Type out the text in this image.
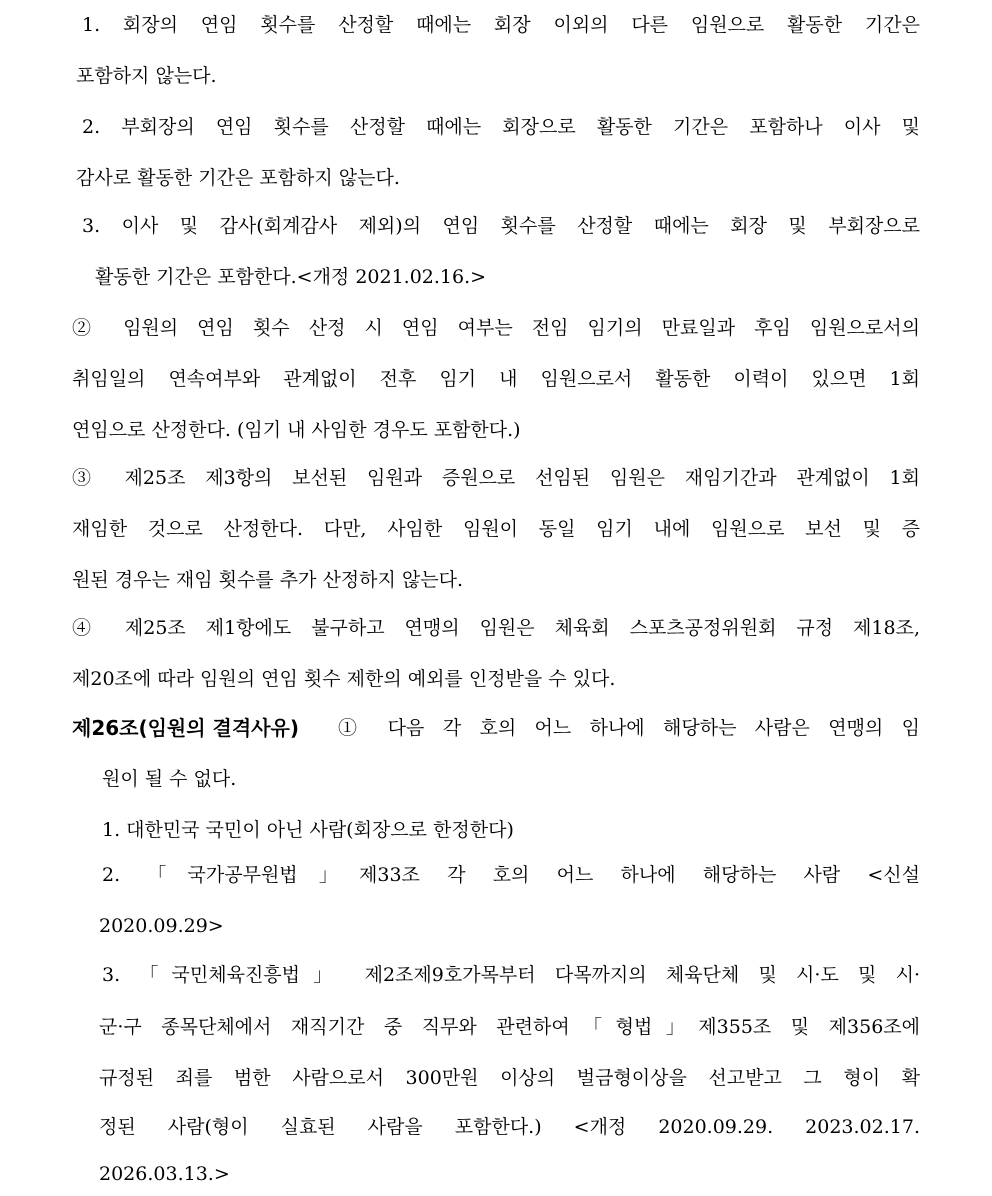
1. 회장의 연임 횟수를 산정할 때에는 회장 이외의 다른 임원으로 활동한 기간은
포함하지 않는다.
2. 부회장의 연임 횟수를 산정할 때에는 회장으로 활동한 기간은 포함하나 이사 및
감사로 활동한 기간은 포함하지 않는다.
3. 이사 및 감사(회계감사 제외)의 연임 횟수를 산정할 때에는 회장 및 부회장으로
활동한 기간은 포함한다.<개정 2021.02.16.>
② 임원의 연임 횟수 산정 시 연임 여부는 전임 임기의 만료일과 후임 임원으로서의
취임일의 연속여부와 관계없이 전후 임기 내 임원으로서 활동한 이력이 있으면 1회
연임으로 산정한다. (임기 내 사임한 경우도 포함한다.)
③ 제25조 제3항의 보선된 임원과 증원으로 선임된 임원은 재임기간과 관계없이 1회
재임한 것으로 산정한다. 다만, 사임한 임원이 동일 임기 내에 임원으로 보선 및 증
원된 경우는 재임 횟수를 추가 산정하지 않는다.
④ 제25조 제1항에도 불구하고 연맹의 임원은 체육회 스포츠공정위원회 규정 제18조,
제20조에 따라 임원의 연임 횟수 제한의 예외를 인정받을 수 있다.
제26조(임원의 결격사유) ① 다음 각 호의 어느 하나에 해당하는 사람은 연맹의 임
원이 될 수 없다.
1. 대한민국 국민이 아닌 사람(회장으로 한정한다)
2. 「국가공무원법」제33조 각 호의 어느 하나에 해당하는 사람 <신설
2020.09.29>
3. 「국민체육진흥법」 제2조제9호가목부터 다목까지의 체육단체 및 시·도 및 시·
군·구 종목단체에서 재직기간 중 직무와 관련하여「형법」제355조 및 제356조에
규정된 죄를 범한 사람으로서 300만원 이상의 벌금형이상을 선고받고 그 형이 확
정된 사람(형이 실효된 사람을 포함한다.) <개정 2020.09.29. 2023.02.17.
2026.03.13.>
